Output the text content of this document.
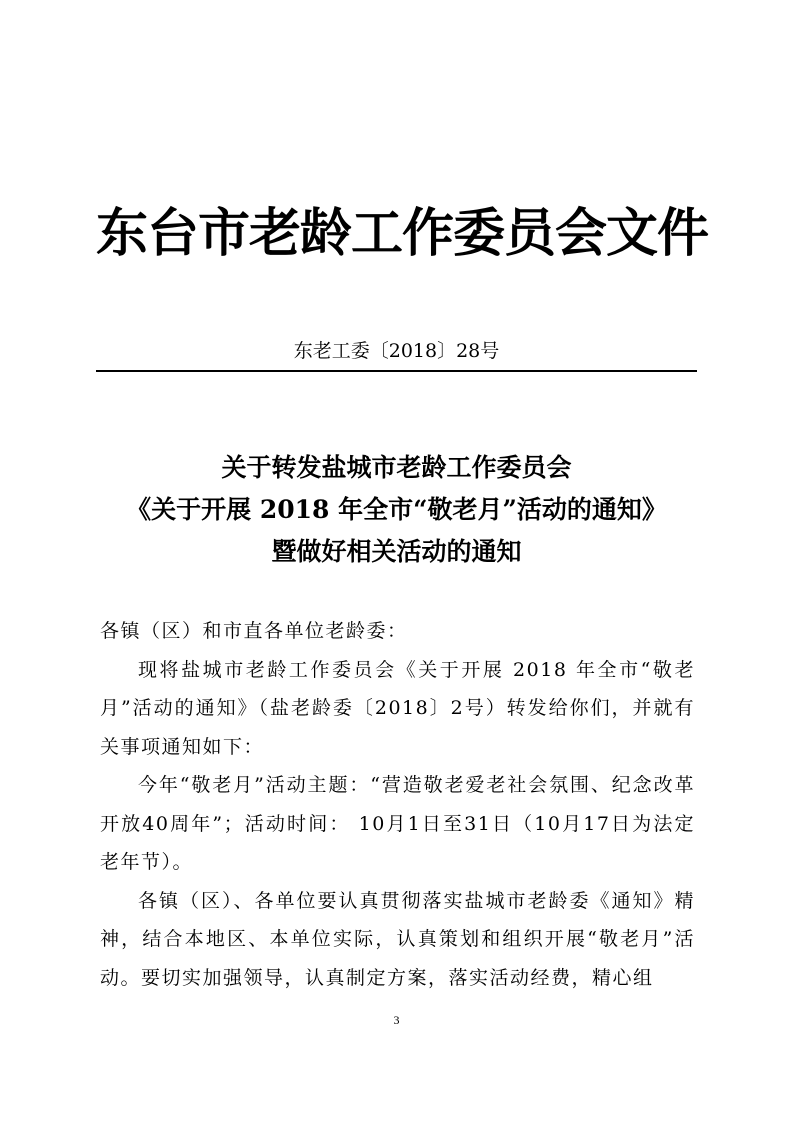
东台市老龄工作委员会文件
东老工委〔2018〕28号
关于转发盐城市老龄工作委员会
《关于开展 2018 年全市“敬老月”活动的通知》
暨做好相关活动的通知

各镇（区）和市直各单位老龄委：

现将盐城市老龄工作委员会《关于开展 2018 年全市“敬老月”活动的通知》（盐老龄委〔2018〕2号）转发给你们，并就有关事项通知如下：

今年“敬老月”活动主题：“营造敬老爱老社会氛围、纪念改革开放40周年”；活动时间： 10月1日至31日（10月17日为法定老年节）。

各镇（区）、各单位要认真贯彻落实盐城市老龄委《通知》精神，结合本地区、本单位实际，认真策划和组织开展“敬老月”活动。要切实加强领导，认真制定方案，落实活动经费，精心组

3
